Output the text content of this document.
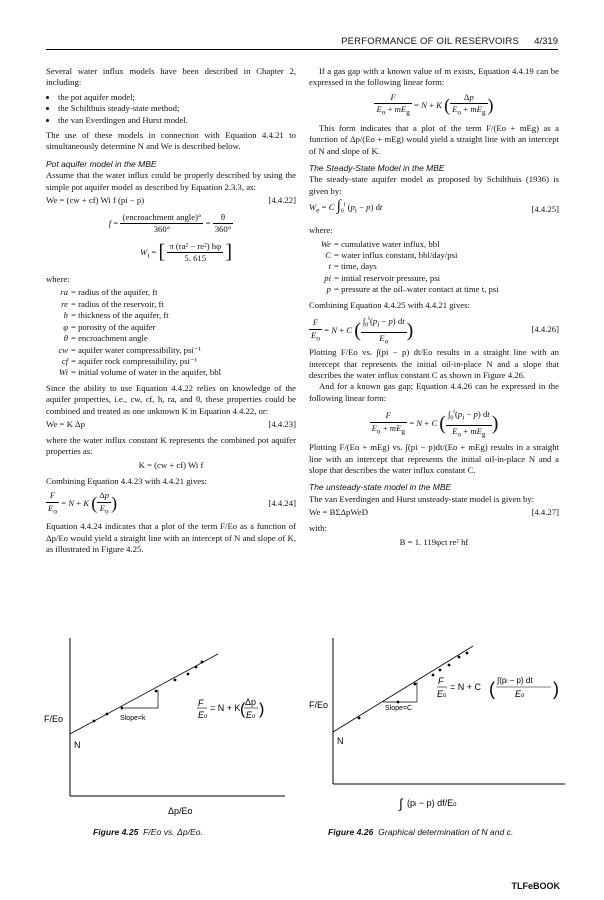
PERFORMANCE OF OIL RESERVOIRS 4/319

Several water influx models have been described in Chapter 2, including:

• the pot aquifer model;
• the Schilthuis steady-state method;
• the van Everdingen and Hurst model.

The use of these models in connection with Equation 4.4.21 to simultaneously determine N and We is described below.

Pot aquifer model in the MBE

Assume that the water influx could be properly described by using the simple pot aquifer model as described by Equation 2.3.3, as:

We = (cw + cf) Wi f (pi − p)	[4.4.22]
$f = \frac{\text{(encroachment angle)°}}{360^\circ} = \frac{\theta}{360^\circ}$
$W_i$ = [ $\frac{\text{π (ra² − re²) hφ}}{5. 615}$ ]

where:

ra = radius of the aquifer, ft
re = radius of the reservoir, ft
h = thickness of the aquifer, ft
φ = porosity of the aquifer
θ = encroachment angle
cw = aquifer water compressibility, psi⁻¹
cf = aquifer rock compressibility, psi⁻¹
Wi = initial volume of water in the aquifer, bbl

Since the ability to use Equation 4.4.22 relies on knowledge of the aquifer properties, i.e., cw, cf, h, ra, and θ, these properties could be combined and treated as one unknown K in Equation 4.4.22, or:

We = K Δp	[4.4.23]

where the water influx constant K represents the combined pot aquifer properties as:

K = (cw + cf) Wi f

Combining Equation 4.4.23 with 4.4.21 gives:

$\frac{F}{E_o} = N + K$ ( $\frac{\Delta p}{E_o}$ )	[4.4.24]

Equation 4.4.24 indicates that a plot of the term F/Eo as a function of Δp/Eo would yield a straight line with an intercept of N and slope of K, as illustrated in Figure 4.25.

If a gas gap with a known value of m exists, Equation 4.4.19 can be expressed in the following linear form:

$\frac{F}{E_o + mE_g} = N + K$ ( $\frac{\Delta p}{E_o + mE_g}$ )

This form indicates that a plot of the term F/(Eo + mEg) as a function of Δp/(Eo + mEg) would yield a straight line with an intercept of N and slope of K.

The Steady-State Model in the MBE

The steady-state aquifer model as proposed by Schilthuis (1936) is given by:

$W_e = C$ $\int_0^t$ $(p_i - p)$ dt	[4.4.25]

where:

We = cumulative water influx, bbl
C = water influx constant, bbl/day/psi
t = time, days
pi = initial reservoir pressure, psi
p = pressure at the oil–water contact at time t, psi

Combining Equation 4.4.25 with 4.4.21 gives:

$\frac{F}{E_o} = N + C$ ( $\frac{\int_0^t(p_i - p) dt}{E_o}$ )	[4.4.26]

Plotting F/Eo vs. ∫(pi − p) dt/Eo results in a straight line with an intercept that represents the initial oil-in-place N and a slope that describes the water influx constant C as shown in Figure 4.26.

And for a known gas gap; Equation 4.4.26 can be expressed in the following linear form:

$\frac{F}{E_o + mE_g} = N + C$ ( $\frac{\int_0^t(p_i - p) dt}{E_o + mE_g}$ )

Plotting F/(Eo + mEg) vs. ∫(pi − p)dt/(Eo + mEg) results in a straight line with an intercept that represents the initial oil-in-place N and a slope that describes the water influx constant C.

The unsteady-state model in the MBE

The van Everdingen and Hurst unsteady-state model is given by:

We = BΣΔpWeD	[4.4.27]

with:

B = 1. 119φct re² hf
F/Eo
N
Slope=k
F
Eo
= N + K
Δp
Eo
( )
Δp/Eo
F/Eo
N
Slope=C
F
Eo
= N + C ( ∫(pi − p) dt
Eo )
∫ (pi − p) df/Eo
Figure 4.25 F/Eo vs. Δp/Eo.	Figure 4.26 Graphical determination of N and c.
TLFeBOOK
